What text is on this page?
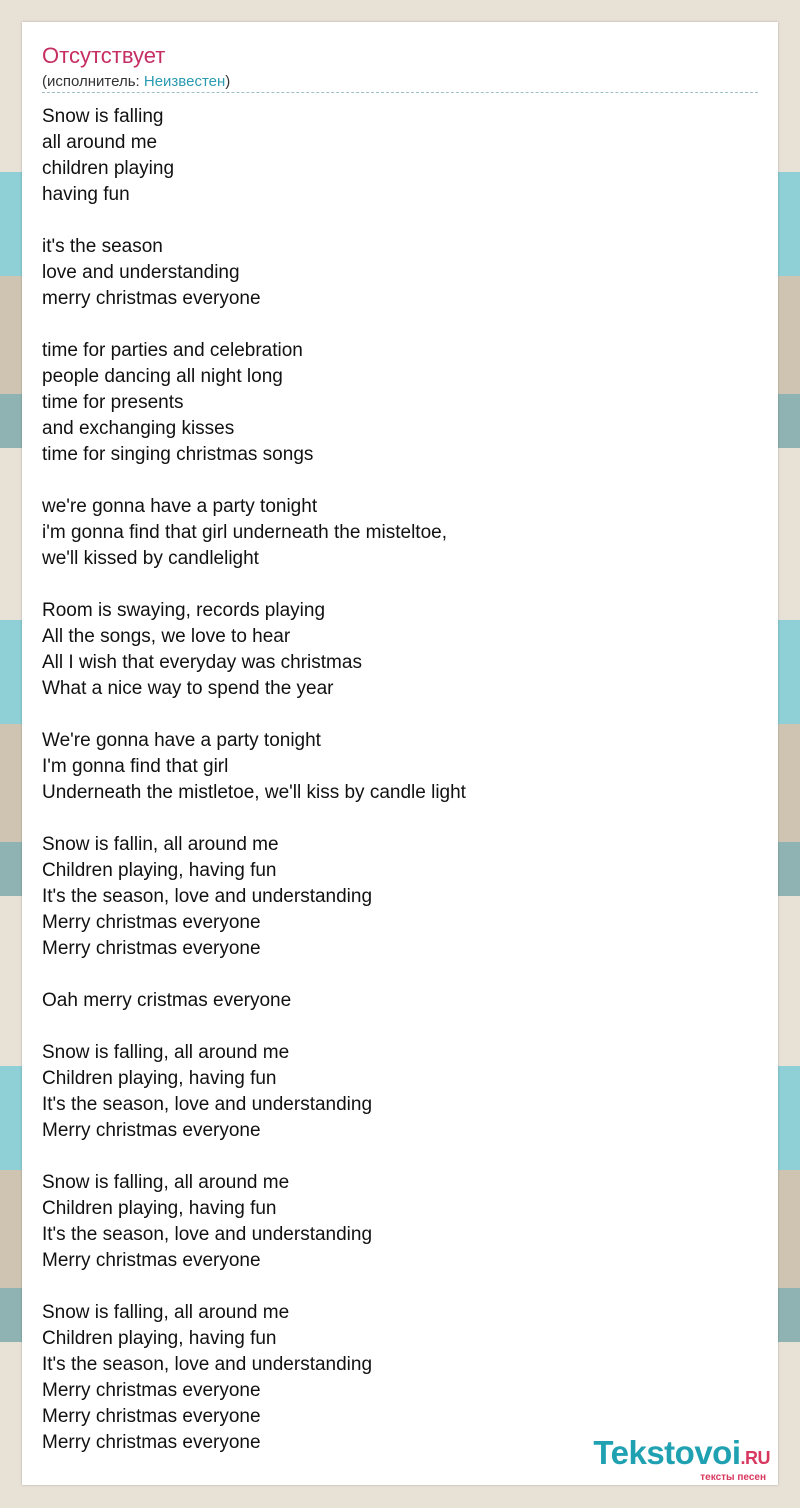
Отсутствует
(исполнитель: Неизвестен)
Snow is falling
all around me
children playing
having fun
it's the season
love and understanding
merry christmas everyone
time for parties and celebration
people dancing all night long
time for presents
and exchanging kisses
time for singing christmas songs
we're gonna have a party tonight
i'm gonna find that girl underneath the misteltoe,
we'll kissed by candlelight
Room is swaying, records playing
All the songs, we love to hear
All I wish that everyday was christmas
What a nice way to spend the year
We're gonna have a party tonight
I'm gonna find that girl
Underneath the mistletoe, we'll kiss by candle light
Snow is fallin, all around me
Children playing, having fun
It's the season, love and understanding
Merry christmas everyone
Merry christmas everyone
Oah merry cristmas everyone
Snow is falling, all around me
Children playing, having fun
It's the season, love and understanding
Merry christmas everyone
Snow is falling, all around me
Children playing, having fun
It's the season, love and understanding
Merry christmas everyone
Snow is falling, all around me
Children playing, having fun
It's the season, love and understanding
Merry christmas everyone
Merry christmas everyone
Merry christmas everyone	Tekstovoi.RU
тексты песен
